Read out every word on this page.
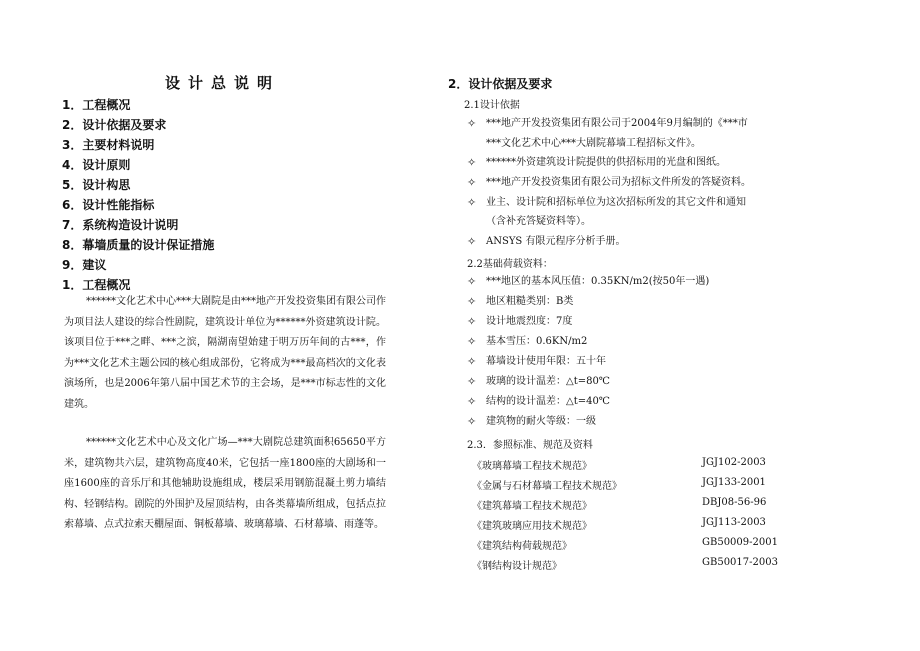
设计总说明
1．工程概况
2．设计依据及要求
3．主要材料说明
4．设计原则
5．设计构思
6．设计性能指标
7．系统构造设计说明
8．幕墙质量的设计保证措施
9．建议
1．工程概况

******文化艺术中心***大剧院是由***地产开发投资集团有限公司作为项目法人建设的综合性剧院，建筑设计单位为******外资建筑设计院。该项目位于***之畔、***之滨，隔湖南望始建于明万历年间的古***，作为***文化艺术主题公园的核心组成部份，它将成为***最高档次的文化表演场所，也是2006年第八届中国艺术节的主会场，是***市标志性的文化建筑。

******文化艺术中心及文化广场—***大剧院总建筑面积65650平方米，建筑物共六层，建筑物高度40米，它包括一座1800座的大剧场和一座1600座的音乐厅和其他辅助设施组成，楼层采用钢筋混凝土剪力墙结构、轻钢结构。剧院的外围护及屋顶结构，由各类幕墙所组成，包括点拉索幕墙、点式拉索天棚屋面、铜板幕墙、玻璃幕墙、石材幕墙、雨蓬等。

2．设计依据及要求

2.1设计依据

✧ ***地产开发投资集团有限公司于2004年9月编制的《***市
***文化艺术中心***大剧院幕墙工程招标文件》。
✧ ******外资建筑设计院提供的供招标用的光盘和图纸。
✧ ***地产开发投资集团有限公司为招标文件所发的答疑资料。
✧ 业主、设计院和招标单位为这次招标所发的其它文件和通知
（含补充答疑资料等）。
✧ ANSYS 有限元程序分析手册。

2.2基础荷载资料：

✧ ***地区的基本风压值：0.35KN/m2(按50年一遇)
✧ 地区粗糙类别：B类
✧ 设计地震烈度：7度
✧ 基本雪压：0.6KN/m2
✧ 幕墙设计使用年限：五十年
✧ 玻璃的设计温差：△t=80℃
✧ 结构的设计温差：△t=40℃
✧ 建筑物的耐火等级：一级

2.3．参照标准、规范及资料

《玻璃幕墙工程技术规范》	JGJ102-2003
《金属与石材幕墙工程技术规范》	JGJ133-2001
《建筑幕墙工程技术规范》	DBJ08-56-96
《建筑玻璃应用技术规范》	JGJ113-2003
《建筑结构荷载规范》	GB50009-2001
《钢结构设计规范》	GB50017-2003
